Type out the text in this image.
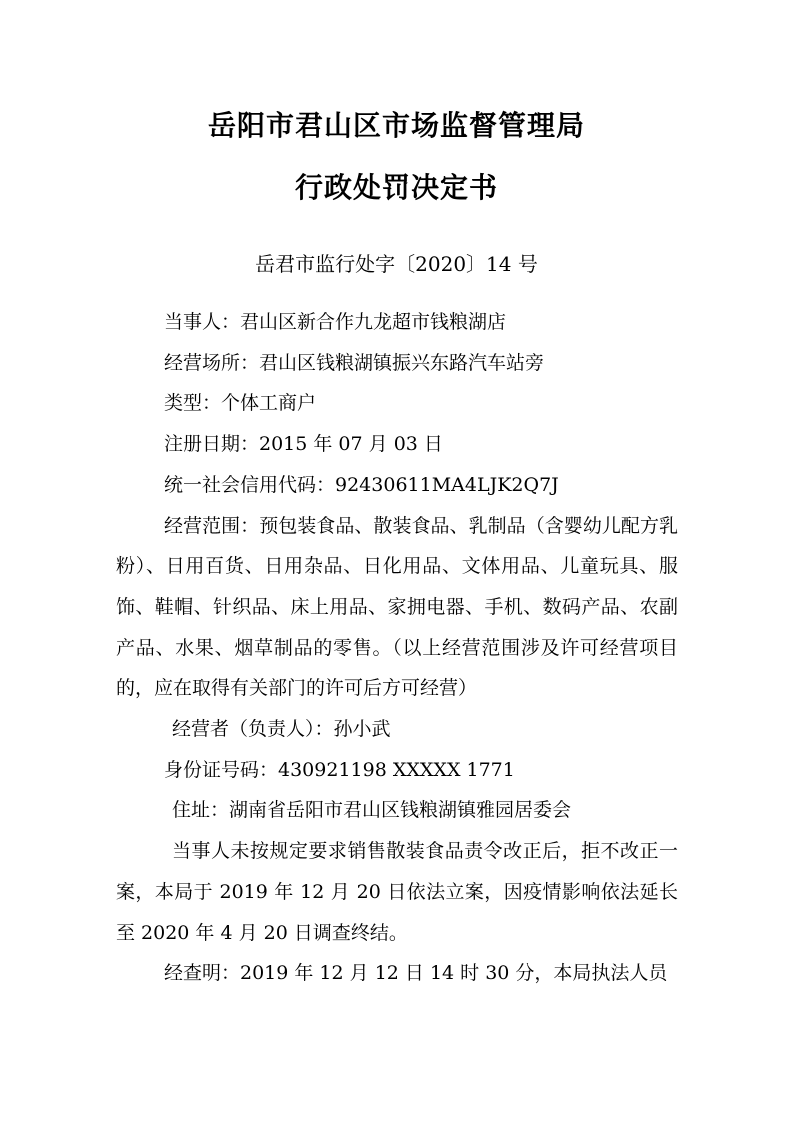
岳阳市君山区市场监督管理局
行政处罚决定书
岳君市监行处字〔2020〕14 号

当事人：君山区新合作九龙超市钱粮湖店

经营场所：君山区钱粮湖镇振兴东路汽车站旁

类型：个体工商户

注册日期：2015 年 07 月 03 日

统一社会信用代码：92430611MA4LJK2Q7J

经营范围：预包装食品、散装食品、乳制品（含婴幼儿配方乳粉）、日用百货、日用杂品、日化用品、文体用品、儿童玩具、服饰、鞋帽、针织品、床上用品、家拥电器、手机、数码产品、农副产品、水果、烟草制品的零售。（以上经营范围涉及许可经营项目的，应在取得有关部门的许可后方可经营）

经营者（负责人）：孙小武

身份证号码：430921198 XXXXX 1771

住址：湖南省岳阳市君山区钱粮湖镇雅园居委会

当事人未按规定要求销售散装食品责令改正后，拒不改正一案，本局于 2019 年 12 月 20 日依法立案，因疫情影响依法延长至 2020 年 4 月 20 日调查终结。

经查明：2019 年 12 月 12 日 14 时 30 分，本局执法人员
